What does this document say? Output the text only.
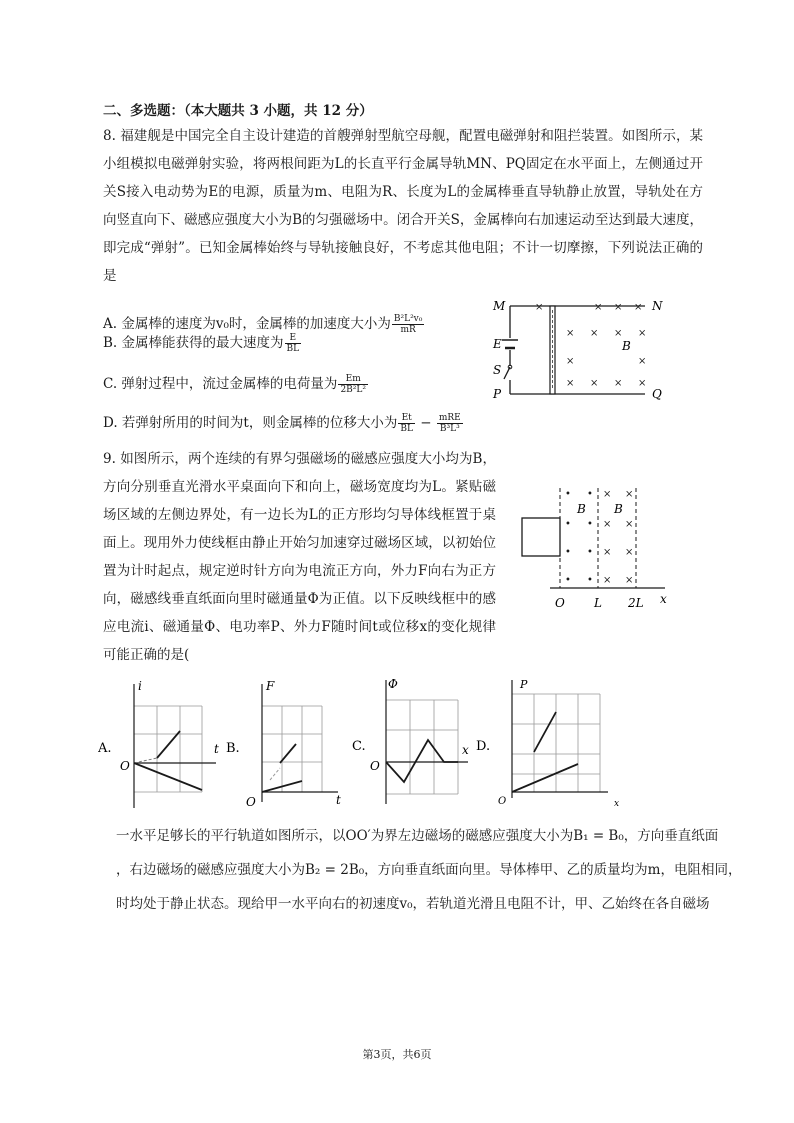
二、多选题：（本大题共 3 小题，共 12 分）
8. 福建舰是中国完全自主设计建造的首艘弹射型航空母舰，配置电磁弹射和阻拦装置。如图所示，某小组模拟电磁弹射实验，将两根间距为L的长直平行金属导轨MN、PQ固定在水平面上，左侧通过开关S接入电动势为E的电源，质量为m、电阻为R、长度为L的金属棒垂直导轨静止放置，导轨处在方向竖直向下、磁感应强度大小为B的匀强磁场中。闭合开关S，金属棒向右加速运动至达到最大速度，即完成“弹射”。已知金属棒始终与导轨接触良好，不考虑其他电阻；不计一切摩擦，下列说法正确的是
A. 金属棒的速度为v₀时，金属棒的加速度大小为 $\frac{\text{B²L²v₀}}{mR}$
B. 金属棒能获得的最大速度为 $\frac{E}{BL}$
C. 弹射过程中，流过金属棒的电荷量为 $\frac{Em}{\text{2B²L²}}$
D. 若弹射所用的时间为t，则金属棒的位移大小为 $\frac{Et}{BL} - \frac{\text{mRE}}{\text{B³L³}}$
M	N
P	Q
E
S
B
×	× × ×
× × × ×
×	×
× × × ×
9. 如图所示，两个连续的有界匀强磁场的磁感应强度大小均为B，方向分别垂直光滑水平桌面向下和向上，磁场宽度均为L。紧贴磁场区域的左侧边界处，有一边长为L的正方形均匀导体线框置于桌面上。现用外力使线框由静止开始匀加速穿过磁场区域，以初始位置为计时起点，规定逆时针方向为电流正方向，外力F向右为正方向，磁感线垂直纸面向里时磁通量Φ为正值。以下反映线框中的感应电流i、磁通量Φ、电功率P、外力F随时间t或位移x的变化规律可能正确的是(
B B
O L 2L x
• •
• •
• •
• •
× ×
× ×
× ×
× ×
i
t
O
A.
F
t
O
B.
Φ
x
O
C.
P
x
O
D.
一水平足够长的平行轨道如图所示，以OO′为界左边磁场的磁感应强度大小为B₁ = B₀，方向垂直纸面
，右边磁场的磁感应强度大小为B₂ = 2B₀，方向垂直纸面向里。导体棒甲、乙的质量均为m，电阻相同，
时均处于静止状态。现给甲一水平向右的初速度v₀，若轨道光滑且电阻不计，甲、乙始终在各自磁场
第3页，共6页
